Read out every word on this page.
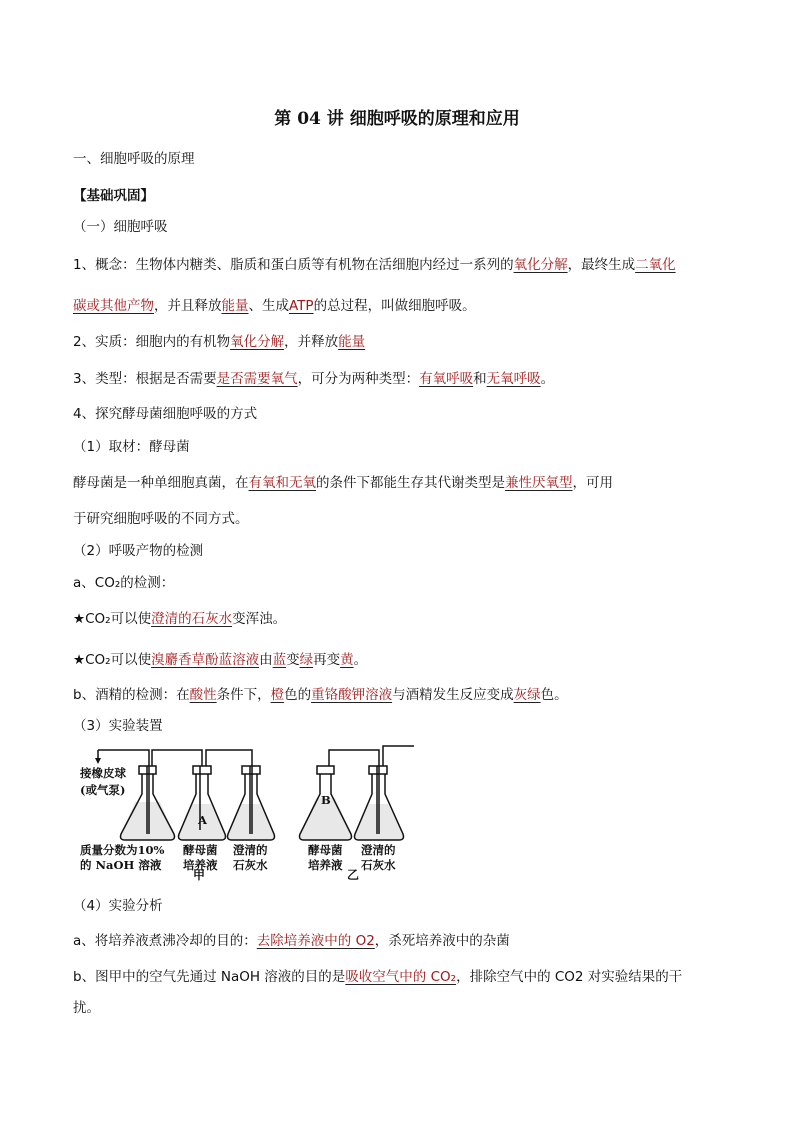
第 04 讲 细胞呼吸的原理和应用
一、细胞呼吸的原理
【基础巩固】
（一）细胞呼吸
1、概念：生物体内糖类、脂质和蛋白质等有机物在活细胞内经过一系列的氧化分解，最终生成二氧化
碳或其他产物，并且释放能量、生成ATP的总过程，叫做细胞呼吸。
2、实质：细胞内的有机物氧化分解，并释放能量
3、类型：根据是否需要是否需要氧气，可分为两种类型：有氧呼吸和无氧呼吸。
4、探究酵母菌细胞呼吸的方式
（1）取材：酵母菌
酵母菌是一种单细胞真菌，在有氧和无氧的条件下都能生存其代谢类型是兼性厌氧型，可用
于研究细胞呼吸的不同方式。
（2）呼吸产物的检测
a、CO₂的检测：
★CO₂可以使澄清的石灰水变浑浊。
★CO₂可以使溴麝香草酚蓝溶液由蓝变绿再变黄。
b、酒精的检测：在酸性条件下，橙色的重铬酸钾溶液与酒精发生反应变成灰绿色。
（3）实验装置
接橡皮球
(或气泵)
A
B
质量分数为10%
的 NaOH 溶液
酵母菌
培养液
澄清的
石灰水
酵母菌
培养液
澄清的
石灰水
甲	乙
（4）实验分析
a、将培养液煮沸冷却的目的：去除培养液中的 O2，杀死培养液中的杂菌
b、图甲中的空气先通过 NaOH 溶液的目的是吸收空气中的 CO₂，排除空气中的 CO2 对实验结果的干
扰。
